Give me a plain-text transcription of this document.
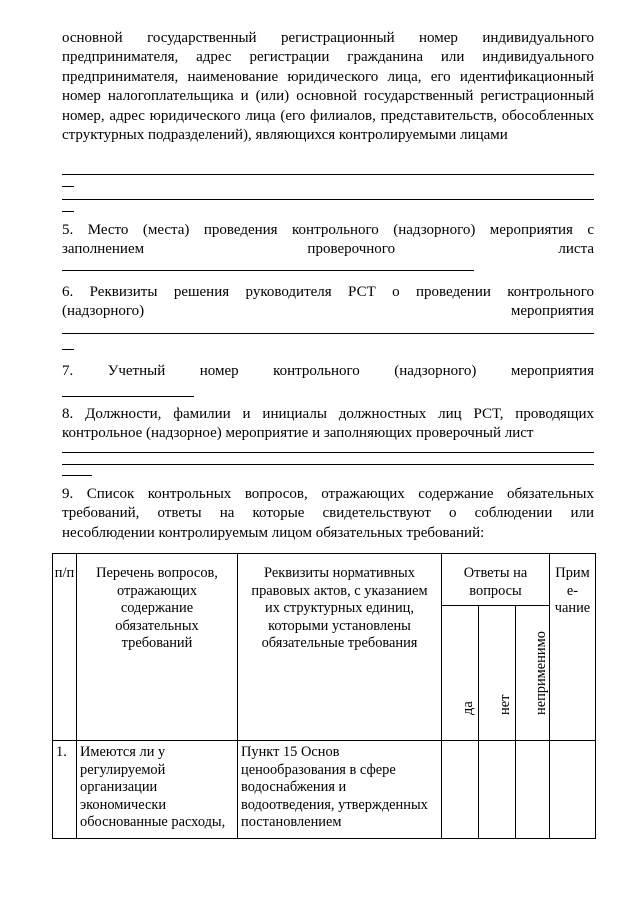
основной государственный регистрационный номер индивидуального
предпринимателя, адрес регистрации гражданина или индивидуального
предпринимателя, наименование юридического лица, его идентификационный
номер налогоплательщика и (или) основной государственный регистрационный
номер, адрес юридического лица (его филиалов, представительств, обособленных
структурных подразделений), являющихся контролируемыми лицами
5. Место (места) проведения контрольного (надзорного) мероприятия с
заполнением проверочного листа
6. Реквизиты решения руководителя РСТ о проведении контрольного
(надзорного) мероприятия
7. Учетный номер контрольного (надзорного) мероприятия
8. Должности, фамилии и инициалы должностных лиц РСТ, проводящих
контрольное (надзорное) мероприятие и заполняющих проверочный лист
9. Список контрольных вопросов, отражающих содержание обязательных
требований, ответы на которые свидетельствуют о соблюдении или
несоблюдении контролируемым лицом обязательных требований:
п/п	Перечень вопросов, отражающих содержание обязательных требований	Реквизиты нормативных правовых актов, с указанием их структурных единиц, которыми установлены обязательные требования	Ответы на вопросы			Прим е- чание

			да	нет	неприменимо	

1.	Имеются ли у регулируемой организации экономически обоснованные расходы,	Пункт 15 Основ ценообразования в сфере водоснабжения и водоотведения, утвержденных постановлением				
